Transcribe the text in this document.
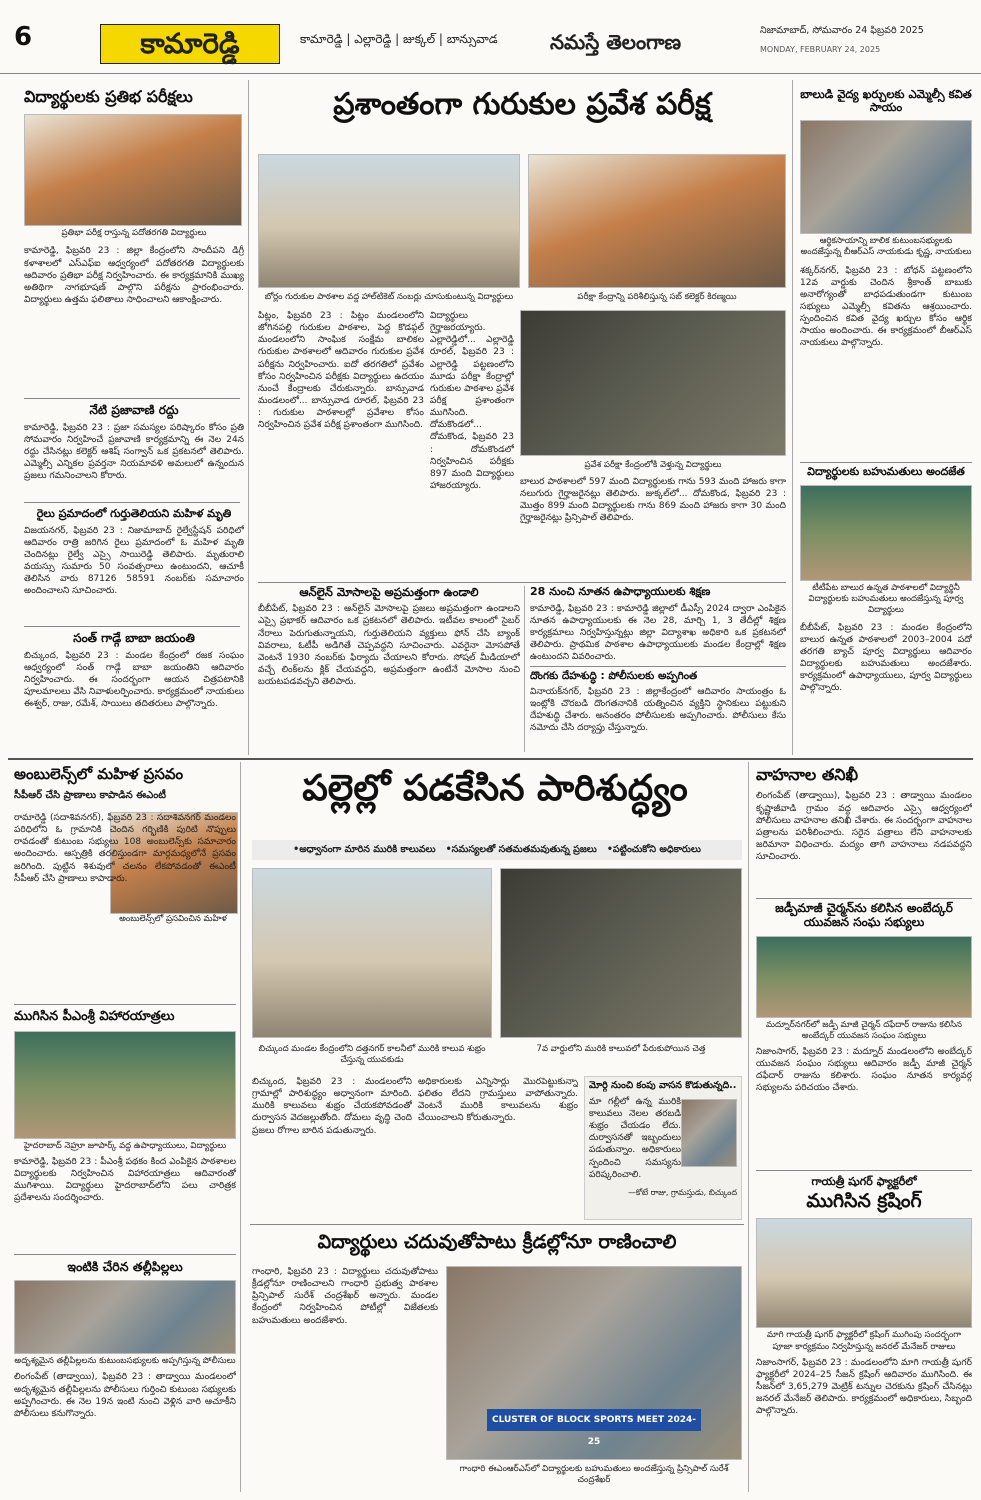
6	కామారెడ్డి	కామారెడ్డి | ఎల్లారెడ్డి | జుక్కల్ | బాన్సువాడ	నమస్తే తెలంగాణ	నిజామాబాద్, సోమవారం 24 ఫిబ్రవరి 2025
MONDAY, FEBRUARY 24, 2025
విద్యార్థులకు ప్రతిభ పరీక్షలు
ప్రతిభా పరీక్ష రాస్తున్న పదోతరగతి విద్యార్థులు
కామారెడ్డి, ఫిబ్రవరి 23 : జిల్లా కేంద్రంలోని సాందీపని డిగ్రీ కళాశాలలో ఎస్ఎఫ్ఐ ఆధ్వర్యంలో పదోతరగతి విద్యార్థులకు ఆదివారం ప్రతిభా పరీక్ష నిర్వహించారు. ఈ కార్యక్రమానికి ముఖ్య అతిథిగా నాగభూషణ్ పాల్గొని పరీక్షను ప్రారంభించారు. విద్యార్థులు ఉత్తమ ఫలితాలు సాధించాలని ఆకాంక్షించారు.
నేటి ప్రజావాణి రద్దు
కామారెడ్డి, ఫిబ్రవరి 23 : ప్రజా సమస్యల పరిష్కారం కోసం ప్రతి సోమవారం నిర్వహించే ప్రజావాణి కార్యక్రమాన్ని ఈ నెల 24న రద్దు చేసినట్లు కలెక్టర్ ఆశిష్ సంగ్వాన్ ఒక ప్రకటనలో తెలిపారు. ఎమ్మెల్సీ ఎన్నికల ప్రవర్తనా నియమావళి అమలులో ఉన్నందున ప్రజలు గమనించాలని కోరారు.
రైలు ప్రమాదంలో గుర్తుతెలియని మహిళ మృతి
విజయనగర్, ఫిబ్రవరి 23 : నిజామాబాద్ రైల్వేస్టేషన్ పరిధిలో ఆదివారం రాత్రి జరిగిన రైలు ప్రమాదంలో ఓ మహిళ మృతి చెందినట్లు రైల్వే ఎస్సై సాయిరెడ్డి తెలిపారు. మృతురాలి వయస్సు సుమారు 50 సంవత్సరాలు ఉంటుందని, ఆచూకీ తెలిసిన వారు 87126 58591 నంబర్‌కు సమాచారం అందించాలని సూచించారు.
సంత్ గాడ్గే బాబా జయంతి
బిచ్కుంద, ఫిబ్రవరి 23 : మండల కేంద్రంలో రజక సంఘం ఆధ్వర్యంలో సంత్ గాడ్గే బాబా జయంతిని ఆదివారం నిర్వహించారు. ఈ సందర్భంగా ఆయన చిత్రపటానికి పూలమాలలు వేసి నివాళులర్పించారు. కార్యక్రమంలో నాయకులు ఈశ్వర్, రాజు, రమేశ్, సాయిలు తదితరులు పాల్గొన్నారు.
ప్రశాంతంగా గురుకుల ప్రవేశ పరీక్ష
బోర్లం గురుకుల పాఠశాల వద్ద హాల్‌టికెట్ నంబర్లు చూసుకుంటున్న విద్యార్థులు	పరీక్షా కేంద్రాన్ని పరిశీలిస్తున్న సబ్ కలెక్టర్ కిరణ్మయి
పిట్లం, ఫిబ్రవరి 23 : పిట్లం మండలంలోని జోగినపల్లి గురుకుల పాఠశాల, పెద్ద కొడప్గల్ మండలంలోని సాంఘిక సంక్షేమ బాలికల గురుకుల పాఠశాలలో ఆదివారం గురుకుల ప్రవేశ పరీక్షను నిర్వహించారు. ఐదో తరగతిలో ప్రవేశం కోసం నిర్వహించిన పరీక్షకు విద్యార్థులు ఉదయం నుంచే కేంద్రాలకు చేరుకున్నారు. బాన్సువాడ మండలంలో... బాన్సువాడ రూరల్, ఫిబ్రవరి 23 : గురుకుల పాఠశాలల్లో ప్రవేశాల కోసం నిర్వహించిన ప్రవేశ పరీక్ష ప్రశాంతంగా ముగిసింది.
విద్యార్థులు గైర్హాజరయ్యారు. ఎల్లారెడ్డిలో... ఎల్లారెడ్డి రూరల్, ఫిబ్రవరి 23 : ఎల్లారెడ్డి పట్టణంలోని మూడు పరీక్షా కేంద్రాల్లో గురుకుల పాఠశాల ప్రవేశ పరీక్ష ప్రశాంతంగా ముగిసింది. దోమకొండలో... దోమకొండ, ఫిబ్రవరి 23 : దోమకొండలో నిర్వహించిన పరీక్షకు 897 మంది విద్యార్థులు హాజరయ్యారు.
ప్రవేశ పరీక్షా కేంద్రంలోకి వెళ్తున్న విద్యార్థులు
బాలుర పాఠశాలలో 597 మంది విద్యార్థులకు గాను 593 మంది హాజరు కాగా నలుగురు గైర్హాజరైనట్లు తెలిపారు. జుక్కల్‌లో... దోమకొండ, ఫిబ్రవరి 23 : మొత్తం 899 మంది విద్యార్థులకు గాను 869 మంది హాజరు కాగా 30 మంది గైర్హాజరైనట్లు ప్రిన్సిపాల్ తెలిపారు.
ఆన్‌లైన్ మోసాలపై అప్రమత్తంగా ఉండాలి
బీబీపేట్, ఫిబ్రవరి 23 : ఆన్‌లైన్ మోసాలపై ప్రజలు అప్రమత్తంగా ఉండాలని ఎస్సై ప్రభాకర్ ఆదివారం ఒక ప్రకటనలో తెలిపారు. ఇటీవల కాలంలో సైబర్ నేరాలు పెరుగుతున్నాయని, గుర్తుతెలియని వ్యక్తులు ఫోన్ చేసి బ్యాంక్ వివరాలు, ఓటీపీ అడిగితే చెప్పవద్దని సూచించారు. ఎవరైనా మోసపోతే వెంటనే 1930 నంబర్‌కు ఫిర్యాదు చేయాలని కోరారు. సోషల్ మీడియాలో వచ్చే లింక్‌లను క్లిక్ చేయవద్దని, అప్రమత్తంగా ఉంటేనే మోసాల నుంచి బయటపడవచ్చని తెలిపారు.
28 నుంచి నూతన ఉపాధ్యాయులకు శిక్షణ
కామారెడ్డి, ఫిబ్రవరి 23 : కామారెడ్డి జిల్లాలో డీఎస్సీ 2024 ద్వారా ఎంపికైన నూతన ఉపాధ్యాయులకు ఈ నెల 28, మార్చి 1, 3 తేదీల్లో శిక్షణ కార్యక్రమాలు నిర్వహిస్తున్నట్లు జిల్లా విద్యాశాఖ అధికారి ఒక ప్రకటనలో తెలిపారు. ప్రాథమిక పాఠశాల ఉపాధ్యాయులకు మండల కేంద్రాల్లో శిక్షణ ఉంటుందని వివరించారు.
దొంగకు దేహశుద్ధి : పోలీసులకు అప్పగింత
వినాయక్‌నగర్, ఫిబ్రవరి 23 : జిల్లాకేంద్రంలో ఆదివారం సాయంత్రం ఓ ఇంట్లోకి చొరబడి దొంగతనానికి యత్నించిన వ్యక్తిని స్థానికులు పట్టుకుని దేహశుద్ధి చేశారు. అనంతరం పోలీసులకు అప్పగించారు. పోలీసులు కేసు నమోదు చేసి దర్యాప్తు చేస్తున్నారు.
బాలుడి వైద్య ఖర్చులకు ఎమ్మెల్సీ కవిత సాయం
ఆర్థికసాయాన్ని బాలిక కుటుంబసభ్యులకు అందజేస్తున్న బీఆర్‌ఎస్ నాయకుడు కృష్ణ, నాయకులు
శక్కర్‌నగర్, ఫిబ్రవరి 23 : బోధన్ పట్టణంలోని 12వ వార్డుకు చెందిన శ్రీకాంత్ బాబుకు అనారోగ్యంతో బాధపడుతుండగా కుటుంబ సభ్యులు ఎమ్మెల్సీ కవితను ఆశ్రయించారు. స్పందించిన కవిత వైద్య ఖర్చుల కోసం ఆర్థిక సాయం అందించారు. ఈ కార్యక్రమంలో బీఆర్‌ఎస్ నాయకులు పాల్గొన్నారు.
విద్యార్థులకు బహుమతులు అందజేత
టీటీపేట బాలుర ఉన్నత పాఠశాలలో విద్యార్థినీ విద్యార్థులకు బహుమతులు అందజేస్తున్న పూర్వ విద్యార్థులు
బీబీపేట్, ఫిబ్రవరి 23 : మండల కేంద్రంలోని బాలుర ఉన్నత పాఠశాలలో 2003–2004 పదో తరగతి బ్యాచ్ పూర్వ విద్యార్థులు ఆదివారం విద్యార్థులకు బహుమతులు అందజేశారు. కార్యక్రమంలో ఉపాధ్యాయులు, పూర్వ విద్యార్థులు పాల్గొన్నారు.
అంబులెన్స్‌లో మహిళ ప్రసవం
సీపీఆర్ చేసి ప్రాణాలు కాపాడిన ఈఎంటీ
అంబులెన్స్‌లో ప్రసవించిన మహిళ
రామారెడ్డి (సదాశివనగర్), ఫిబ్రవరి 23 : సదాశివనగర్ మండలం పరిధిలోని ఓ గ్రామానికి చెందిన గర్భిణికి పురిటి నొప్పులు రావడంతో కుటుంబ సభ్యులు 108 అంబులెన్స్‌కు సమాచారం అందించారు. ఆస్పత్రికి తరలిస్తుండగా మార్గమధ్యలోనే ప్రసవం జరిగింది. పుట్టిన శిశువులో చలనం లేకపోవడంతో ఈఎంటీ సీపీఆర్ చేసి ప్రాణాలు కాపాడారు.
ముగిసిన పీఎంశ్రీ విహారయాత్రలు
హైదరాబాద్ నెహ్రూ జూపార్క్ వద్ద ఉపాధ్యాయులు, విద్యార్థులు
కామారెడ్డి, ఫిబ్రవరి 23 : పీఎంశ్రీ పథకం కింద ఎంపికైన పాఠశాలల విద్యార్థులకు నిర్వహించిన విహారయాత్రలు ఆదివారంతో ముగిశాయి. విద్యార్థులు హైదరాబాద్‌లోని పలు చారిత్రక ప్రదేశాలను సందర్శించారు.
ఇంటికి చేరిన తల్లీపిల్లలు
అదృశ్యమైన తల్లీపిల్లలను కుటుంబసభ్యులకు అప్పగిస్తున్న పోలీసులు
లింగంపేట్ (తాడ్వాయి), ఫిబ్రవరి 23 : తాడ్వాయి మండలంలో అదృశ్యమైన తల్లీపిల్లలను పోలీసులు గుర్తించి కుటుంబ సభ్యులకు అప్పగించారు. ఈ నెల 19న ఇంటి నుంచి వెళ్లిన వారి ఆచూకీని పోలీసులు కనుగొన్నారు.
పల్లెల్లో పడకేసిన పారిశుద్ధ్యం
•అధ్వానంగా మారిన మురికి కాలువలు •సమస్యలతో సతమతమవుతున్న ప్రజలు •పట్టించుకోని అధికారులు
బిచ్కుంద మండల కేంద్రంలోని దత్తనగర్ కాలనీలో మురికి కాలువ శుభ్రం చేస్తున్న యువకుడు
7వ వార్డులోని మురికి కాలువలో పేరుకుపోయిన చెత్త
బిచ్కుంద, ఫిబ్రవరి 23 : మండలంలోని గ్రామాల్లో పారిశుద్ధ్యం అధ్వానంగా మారింది. మురికి కాలువలు శుభ్రం చేయకపోవడంతో దుర్వాసన వెదజల్లుతోంది. దోమలు వృద్ధి చెంది ప్రజలు రోగాల బారిన పడుతున్నారు.
అధికారులకు ఎన్నిసార్లు మొరపెట్టుకున్నా ఫలితం లేదని గ్రామస్తులు వాపోతున్నారు. వెంటనే మురికి కాలువలను శుభ్రం చేయించాలని కోరుతున్నారు.
మోర్గి నుంచి కంపు వాసన కొడుతున్నది..
మా గల్లీలో ఉన్న మురికి కాలువలు నెలల తరబడి శుభ్రం చేయడం లేదు. దుర్వాసనతో ఇబ్బందులు పడుతున్నాం. అధికారులు స్పందించి సమస్యను పరిష్కరించాలి.
—కోటే రాజు, గ్రామస్తుడు, బిచ్కుంద
విద్యార్థులు చదువుతోపాటు క్రీడల్లోనూ రాణించాలి
గాంధారి, ఫిబ్రవరి 23 : విద్యార్థులు చదువుతోపాటు క్రీడల్లోనూ రాణించాలని గాంధారి ప్రభుత్వ పాఠశాల ప్రిన్సిపాల్ సురేశ్ చంద్రశేఖర్ అన్నారు. మండల కేంద్రంలో నిర్వహించిన పోటీల్లో విజేతలకు బహుమతులు అందజేశారు.
CLUSTER OF BLOCK SPORTS MEET 2024-25
గాంధారి ఈఎంఆర్‌ఎస్‌లో విద్యార్థులకు బహుమతులు అందజేస్తున్న ప్రిన్సిపాల్ సురేశ్ చంద్రశేఖర్
వాహనాల తనిఖీ
లింగంపేట్ (తాడ్వాయి), ఫిబ్రవరి 23 : తాడ్వాయి మండలం కృష్ణాజీవాడి గ్రామం వద్ద ఆదివారం ఎస్సై ఆధ్వర్యంలో పోలీసులు వాహనాల తనిఖీ చేశారు. ఈ సందర్భంగా వాహనాల పత్రాలను పరిశీలించారు. సరైన పత్రాలు లేని వాహనాలకు జరిమానా విధించారు. మద్యం తాగి వాహనాలు నడపవద్దని సూచించారు.
జడ్పీమాజీ చైర్మన్‌ను కలిసిన అంబేద్కర్ యువజన సంఘ సభ్యులు
మద్నూర్‌నగర్‌లో జడ్పీ మాజీ చైర్మన్ దఫేదార్ రాజును కలిసిన అంబేద్కర్ యువజన సంఘం సభ్యులు
నిజాంసాగర్, ఫిబ్రవరి 23 : మద్నూర్ మండలంలోని అంబేద్కర్ యువజన సంఘం సభ్యులు ఆదివారం జడ్పీ మాజీ చైర్మన్ దఫేదార్ రాజును కలిశారు. సంఘం నూతన కార్యవర్గ సభ్యులను పరిచయం చేశారు.
గాయత్రీ షుగర్ ఫ్యాక్టరీలో
ముగిసిన క్రషింగ్
మాగి గాయత్రీ షుగర్ ఫ్యాక్టరీలో క్రషింగ్ ముగింపు సందర్భంగా పూజా కార్యక్రమం నిర్వహిస్తున్న జనరల్ మేనేజర్ రాజులు
నిజాంసాగర్, ఫిబ్రవరి 23 : మండలంలోని మాగి గాయత్రీ షుగర్ ఫ్యాక్టరీలో 2024–25 సీజన్ క్రషింగ్ ఆదివారం ముగిసింది. ఈ సీజన్‌లో 3,65,279 మెట్రిక్ టన్నుల చెరకును క్రషింగ్ చేసినట్లు జనరల్ మేనేజర్ తెలిపారు. కార్యక్రమంలో అధికారులు, సిబ్బంది పాల్గొన్నారు.
